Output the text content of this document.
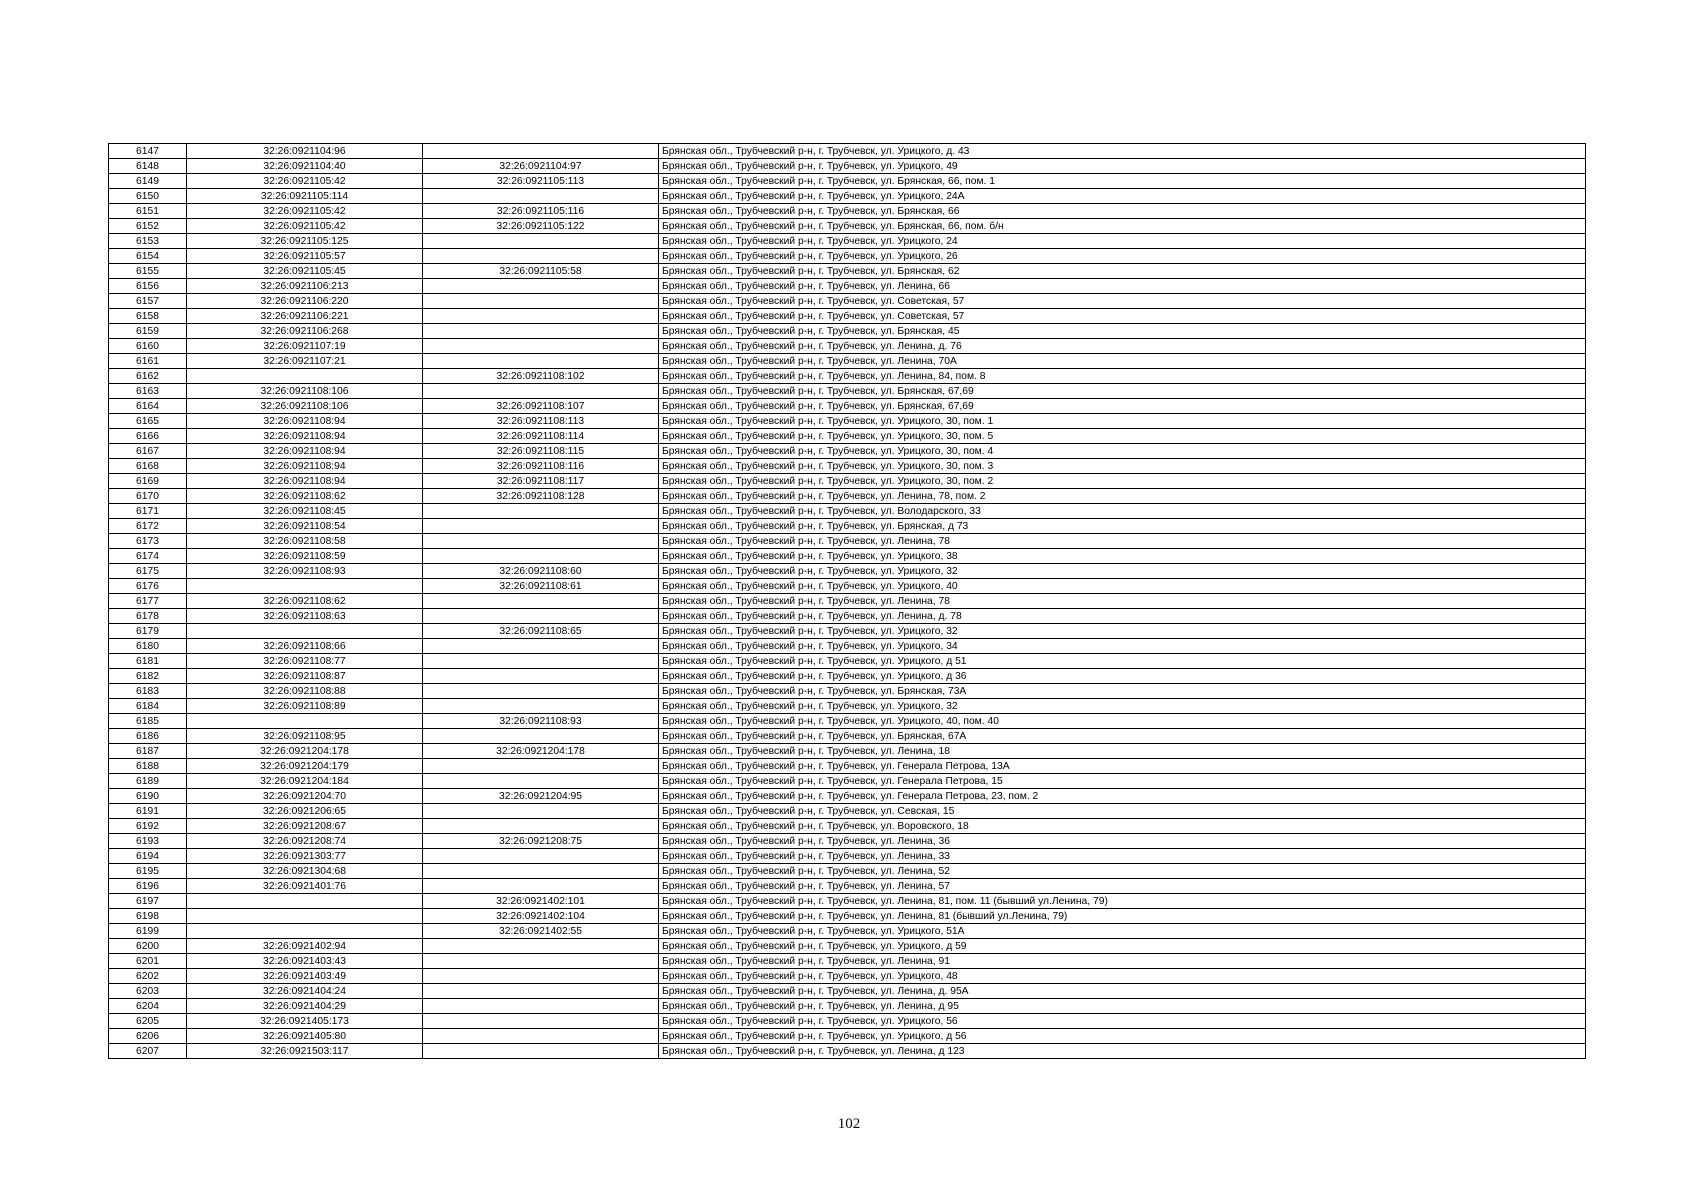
6147	32:26:0921104:96		Брянская обл., Трубчевский р-н, г. Трубчевск, ул. Урицкого, д. 43
6148	32:26:0921104:40	32:26:0921104:97	Брянская обл., Трубчевский р-н, г. Трубчевск, ул. Урицкого, 49
6149	32:26:0921105:42	32:26:0921105:113	Брянская обл., Трубчевский р-н, г. Трубчевск, ул. Брянская, 66, пом. 1
6150	32:26:0921105:114		Брянская обл., Трубчевский р-н, г. Трубчевск, ул. Урицкого, 24А
6151	32:26:0921105:42	32:26:0921105:116	Брянская обл., Трубчевский р-н, г. Трубчевск, ул. Брянская, 66
6152	32:26:0921105:42	32:26:0921105:122	Брянская обл., Трубчевский р-н, г. Трубчевск, ул. Брянская, 66, пом. б/н
6153	32:26:0921105:125		Брянская обл., Трубчевский р-н, г. Трубчевск, ул. Урицкого, 24
6154	32:26:0921105:57		Брянская обл., Трубчевский р-н, г. Трубчевск, ул. Урицкого, 26
6155	32:26:0921105:45	32:26:0921105:58	Брянская обл., Трубчевский р-н, г. Трубчевск, ул. Брянская, 62
6156	32:26:0921106:213		Брянская обл., Трубчевский р-н, г. Трубчевск, ул. Ленина, 66
6157	32:26:0921106:220		Брянская обл., Трубчевский р-н, г. Трубчевск, ул. Советская, 57
6158	32:26:0921106:221		Брянская обл., Трубчевский р-н, г. Трубчевск, ул. Советская, 57
6159	32:26:0921106:268		Брянская обл., Трубчевский р-н, г. Трубчевск, ул. Брянская, 45
6160	32:26:0921107:19		Брянская обл., Трубчевский р-н, г. Трубчевск, ул. Ленина, д. 76
6161	32:26:0921107:21		Брянская обл., Трубчевский р-н, г. Трубчевск, ул. Ленина, 70А
6162		32:26:0921108:102	Брянская обл., Трубчевский р-н, г. Трубчевск, ул. Ленина, 84, пом. 8
6163	32:26:0921108:106		Брянская обл., Трубчевский р-н, г. Трубчевск, ул. Брянская, 67,69
6164	32:26:0921108:106	32:26:0921108:107	Брянская обл., Трубчевский р-н, г. Трубчевск, ул. Брянская, 67,69
6165	32:26:0921108:94	32:26:0921108:113	Брянская обл., Трубчевский р-н, г. Трубчевск, ул. Урицкого, 30, пом. 1
6166	32:26:0921108:94	32:26:0921108:114	Брянская обл., Трубчевский р-н, г. Трубчевск, ул. Урицкого, 30, пом. 5
6167	32:26:0921108:94	32:26:0921108:115	Брянская обл., Трубчевский р-н, г. Трубчевск, ул. Урицкого, 30, пом. 4
6168	32:26:0921108:94	32:26:0921108:116	Брянская обл., Трубчевский р-н, г. Трубчевск, ул. Урицкого, 30, пом. 3
6169	32:26:0921108:94	32:26:0921108:117	Брянская обл., Трубчевский р-н, г. Трубчевск, ул. Урицкого, 30, пом. 2
6170	32:26:0921108:62	32:26:0921108:128	Брянская обл., Трубчевский р-н, г. Трубчевск, ул. Ленина, 78, пом. 2
6171	32:26:0921108:45		Брянская обл., Трубчевский р-н, г. Трубчевск, ул. Володарского, 33
6172	32:26:0921108:54		Брянская обл., Трубчевский р-н, г. Трубчевск, ул. Брянская, д 73
6173	32:26:0921108:58		Брянская обл., Трубчевский р-н, г. Трубчевск, ул. Ленина, 78
6174	32:26:0921108:59		Брянская обл., Трубчевский р-н, г. Трубчевск, ул. Урицкого, 38
6175	32:26:0921108:93	32:26:0921108:60	Брянская обл., Трубчевский р-н, г. Трубчевск, ул. Урицкого, 32
6176		32:26:0921108:61	Брянская обл., Трубчевский р-н, г. Трубчевск, ул. Урицкого, 40
6177	32:26:0921108:62		Брянская обл., Трубчевский р-н, г. Трубчевск, ул. Ленина, 78
6178	32:26:0921108:63		Брянская обл., Трубчевский р-н, г. Трубчевск, ул. Ленина, д. 78
6179		32:26:0921108:65	Брянская обл., Трубчевский р-н, г. Трубчевск, ул. Урицкого, 32
6180	32:26:0921108:66		Брянская обл., Трубчевский р-н, г. Трубчевск, ул. Урицкого, 34
6181	32:26:0921108:77		Брянская обл., Трубчевский р-н, г. Трубчевск, ул. Урицкого, д 51
6182	32:26:0921108:87		Брянская обл., Трубчевский р-н, г. Трубчевск, ул. Урицкого, д 36
6183	32:26:0921108:88		Брянская обл., Трубчевский р-н, г. Трубчевск, ул. Брянская, 73А
6184	32:26:0921108:89		Брянская обл., Трубчевский р-н, г. Трубчевск, ул. Урицкого, 32
6185		32:26:0921108:93	Брянская обл., Трубчевский р-н, г. Трубчевск, ул. Урицкого, 40, пом. 40
6186	32:26:0921108:95		Брянская обл., Трубчевский р-н, г. Трубчевск, ул. Брянская, 67А
6187	32:26:0921204:178	32:26:0921204:178	Брянская обл., Трубчевский р-н, г. Трубчевск, ул. Ленина, 18
6188	32:26:0921204:179		Брянская обл., Трубчевский р-н, г. Трубчевск, ул. Генерала Петрова, 13А
6189	32:26:0921204:184		Брянская обл., Трубчевский р-н, г. Трубчевск, ул. Генерала Петрова, 15
6190	32:26:0921204:70	32:26:0921204:95	Брянская обл., Трубчевский р-н, г. Трубчевск, ул. Генерала Петрова, 23, пом. 2
6191	32:26:0921206:65		Брянская обл., Трубчевский р-н, г. Трубчевск, ул. Севская, 15
6192	32:26:0921208:67		Брянская обл., Трубчевский р-н, г. Трубчевск, ул. Воровского, 18
6193	32:26:0921208:74	32:26:0921208:75	Брянская обл., Трубчевский р-н, г. Трубчевск, ул. Ленина, 36
6194	32:26:0921303:77		Брянская обл., Трубчевский р-н, г. Трубчевск, ул. Ленина, 33
6195	32:26:0921304:68		Брянская обл., Трубчевский р-н, г. Трубчевск, ул. Ленина, 52
6196	32:26:0921401:76		Брянская обл., Трубчевский р-н, г. Трубчевск, ул. Ленина, 57
6197		32:26:0921402:101	Брянская обл., Трубчевский р-н, г. Трубчевск, ул. Ленина, 81, пом. 11 (бывший ул.Ленина, 79)
6198		32:26:0921402:104	Брянская обл., Трубчевский р-н, г. Трубчевск, ул. Ленина, 81 (бывший ул.Ленина, 79)
6199		32:26:0921402:55	Брянская обл., Трубчевский р-н, г. Трубчевск, ул. Урицкого, 51А
6200	32:26:0921402:94		Брянская обл., Трубчевский р-н, г. Трубчевск, ул. Урицкого, д 59
6201	32:26:0921403:43		Брянская обл., Трубчевский р-н, г. Трубчевск, ул. Ленина, 91
6202	32:26:0921403:49		Брянская обл., Трубчевский р-н, г. Трубчевск, ул. Урицкого, 48
6203	32:26:0921404:24		Брянская обл., Трубчевский р-н, г. Трубчевск, ул. Ленина, д. 95А
6204	32:26:0921404:29		Брянская обл., Трубчевский р-н, г. Трубчевск, ул. Ленина, д 95
6205	32:26:0921405:173		Брянская обл., Трубчевский р-н, г. Трубчевск, ул. Урицкого, 56
6206	32:26:0921405:80		Брянская обл., Трубчевский р-н, г. Трубчевск, ул. Урицкого, д 56
6207	32:26:0921503:117		Брянская обл., Трубчевский р-н, г. Трубчевск, ул. Ленина, д 123
102
